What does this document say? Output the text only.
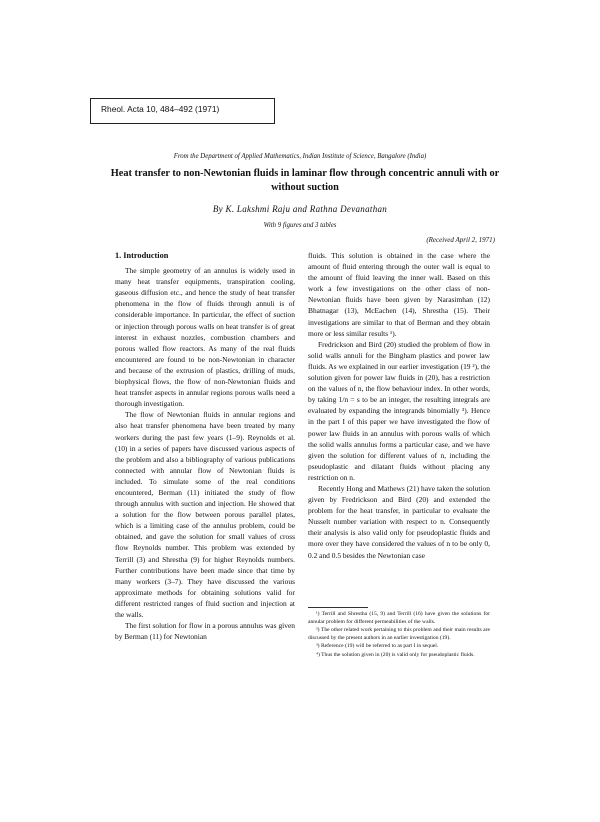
Rheol. Acta 10, 484–492 (1971)
From the Department of Applied Mathematics, Indian Institute of Science, Bangalore (India)
Heat transfer to non-Newtonian fluids in laminar flow through concentric annuli with or without suction
By K. Lakshmi Raju and Rathna Devanathan
With 9 figures and 3 tables
(Received April 2, 1971)
1. Introduction

The simple geometry of an annulus is widely used in many heat transfer equipments, transpiration cooling, gaseous diffusion etc., and hence the study of heat transfer phenomena in the flow of fluids through annuli is of considerable importance. In particular, the effect of suction or injection through porous walls on heat transfer is of great interest in exhaust nozzles, combustion chambers and porous walled flow reactors. As many of the real fluids encountered are found to be non-Newtonian in character and because of the extrusion of plastics, drilling of muds, biophysical flows, the flow of non-Newtonian fluids and heat transfer aspects in annular regions porous walls need a thorough investigation.

The flow of Newtonian fluids in annular regions and also heat transfer phenomena have been treated by many workers during the past few years (1–9). Reynolds et al. (10) in a series of papers have discussed various aspects of the problem and also a bibliography of various publications connected with annular flow of Newtonian fluids is included. To simulate some of the real conditions encountered, Berman (11) initiated the study of flow through annulus with suction and injection. He showed that a solution for the flow between porous parallel plates, which is a limiting case of the annulus problem, could be obtained, and gave the solution for small values of cross flow Reynolds number. This problem was extended by Terrill (3) and Shrestha (9) for higher Reynolds numbers. Further contributions have been made since that time by many workers (3–7). They have discussed the various approximate methods for obtaining solutions valid for different restricted ranges of fluid suction and injection at the walls.

The first solution for flow in a porous annulus was given by Berman (11) for Newtonian

fluids. This solution is obtained in the case where the amount of fluid entering through the outer wall is equal to the amount of fluid leaving the inner wall. Based on this work a few investigations on the other class of non-Newtonian fluids have been given by Narasimhan (12) Bhatnagar (13), McEachen (14), Shrestha (15). Their investigations are similar to that of Berman and they obtain more or less similar results ¹).

Fredrickson and Bird (20) studied the problem of flow in solid walls annuli for the Bingham plastics and power law fluids. As we explained in our earlier investigation (19 ²), the solution given for power law fluids in (20), has a restriction on the values of n, the flow behaviour index. In other words, by taking 1/n = s to be an integer, the resulting integrals are evaluated by expanding the integrands binomially ³). Hence in the part I of this paper we have investigated the flow of power law fluids in an annulus with porous walls of which the solid walls annulus forms a particular case, and we have given the solution for different values of n, including the pseudoplastic and dilatant fluids without placing any restriction on n.

Recently Hong and Mathews (21) have taken the solution given by Fredrickson and Bird (20) and extended the problem for the heat transfer, in particular to evaluate the Nusselt number variation with respect to n. Consequently their analysis is also valid only for pseudoplastic fluids and more over they have considered the values of n to be only 0, 0.2 and 0.5 besides the Newtonian case

¹) Terrill and Shrestha (15, 9) and Terrill (16) have given the solutions for annular problem for different permeabilities of the walls.

²) The other related work pertaining to this problem and their main results are discussed by the present authors in an earlier investigation (19).

³) Reference (19) will be referred to as part I in sequel.

⁴) Thus the solution given in (20) is valid only for pseudoplastic fluids.
